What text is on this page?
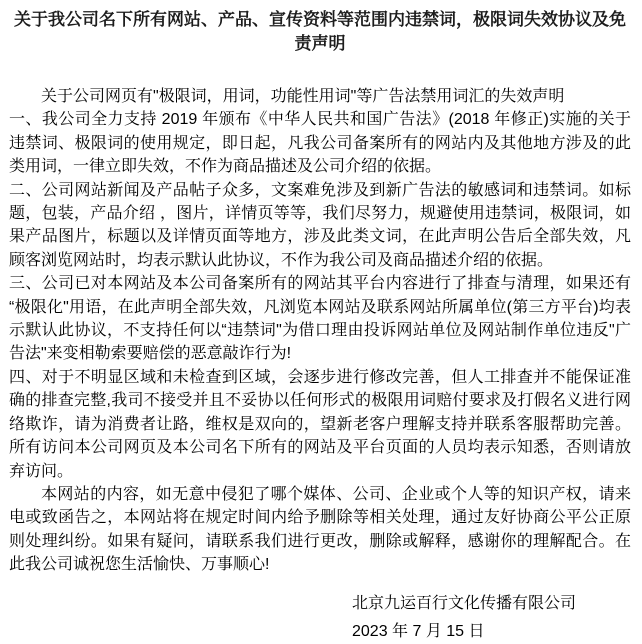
关于我公司名下所有网站、产品、宣传资料等范围内违禁词，极限词失效协议及免责声明

关于公司网页有"极限词，用词，功能性用词"等广告法禁用词汇的失效声明

一、我公司全力支持 2019 年颁布《中华人民共和国广告法》(2018 年修正)实施的关于违禁词、极限词的使用规定，即日起，凡我公司备案所有的网站内及其他地方涉及的此类用词，一律立即失效，不作为商品描述及公司介绍的依据。

二、公司网站新闻及产品帖子众多，文案难免涉及到新广告法的敏感词和违禁词。如标题，包装，产品介绍 ，图片，详情页等等，我们尽努力，规避使用违禁词，极限词，如果产品图片，标题以及详情页面等地方，涉及此类文词，在此声明公告后全部失效，凡顾客浏览网站时，均表示默认此协议，不作为我公司及商品描述介绍的依据。

三、公司已对本网站及本公司备案所有的网站其平台内容进行了排查与清理，如果还有“极限化"用语，在此声明全部失效，凡浏览本网站及联系网站所属单位(第三方平台)均表示默认此协议，不支持任何以“违禁词"为借口理由投诉网站单位及网站制作单位违反"广告法"来变相勒索要赔偿的恶意敲诈行为!

四、对于不明显区域和未检查到区域，会逐步进行修改完善，但人工排查并不能保证准确的排查完整,我司不接受并且不妥协以任何形式的极限用词赔付要求及打假名义进行网络欺诈，请为消费者让路，维权是双向的，望新老客户理解支持并联系客服帮助完善。所有访问本公司网页及本公司名下所有的网站及平台页面的人员均表示知悉，否则请放弃访问。

本网站的内容，如无意中侵犯了哪个媒体、公司、企业或个人等的知识产权，请来电或致函告之，本网站将在规定时间内给予删除等相关处理，通过友好协商公平公正原则处理纠纷。如果有疑问，请联系我们进行更改，删除或解释，感谢你的理解配合。在此我公司诚祝您生活愉快、万事顺心!

北京九运百行文化传播有限公司

2023 年 7 月 15 日
